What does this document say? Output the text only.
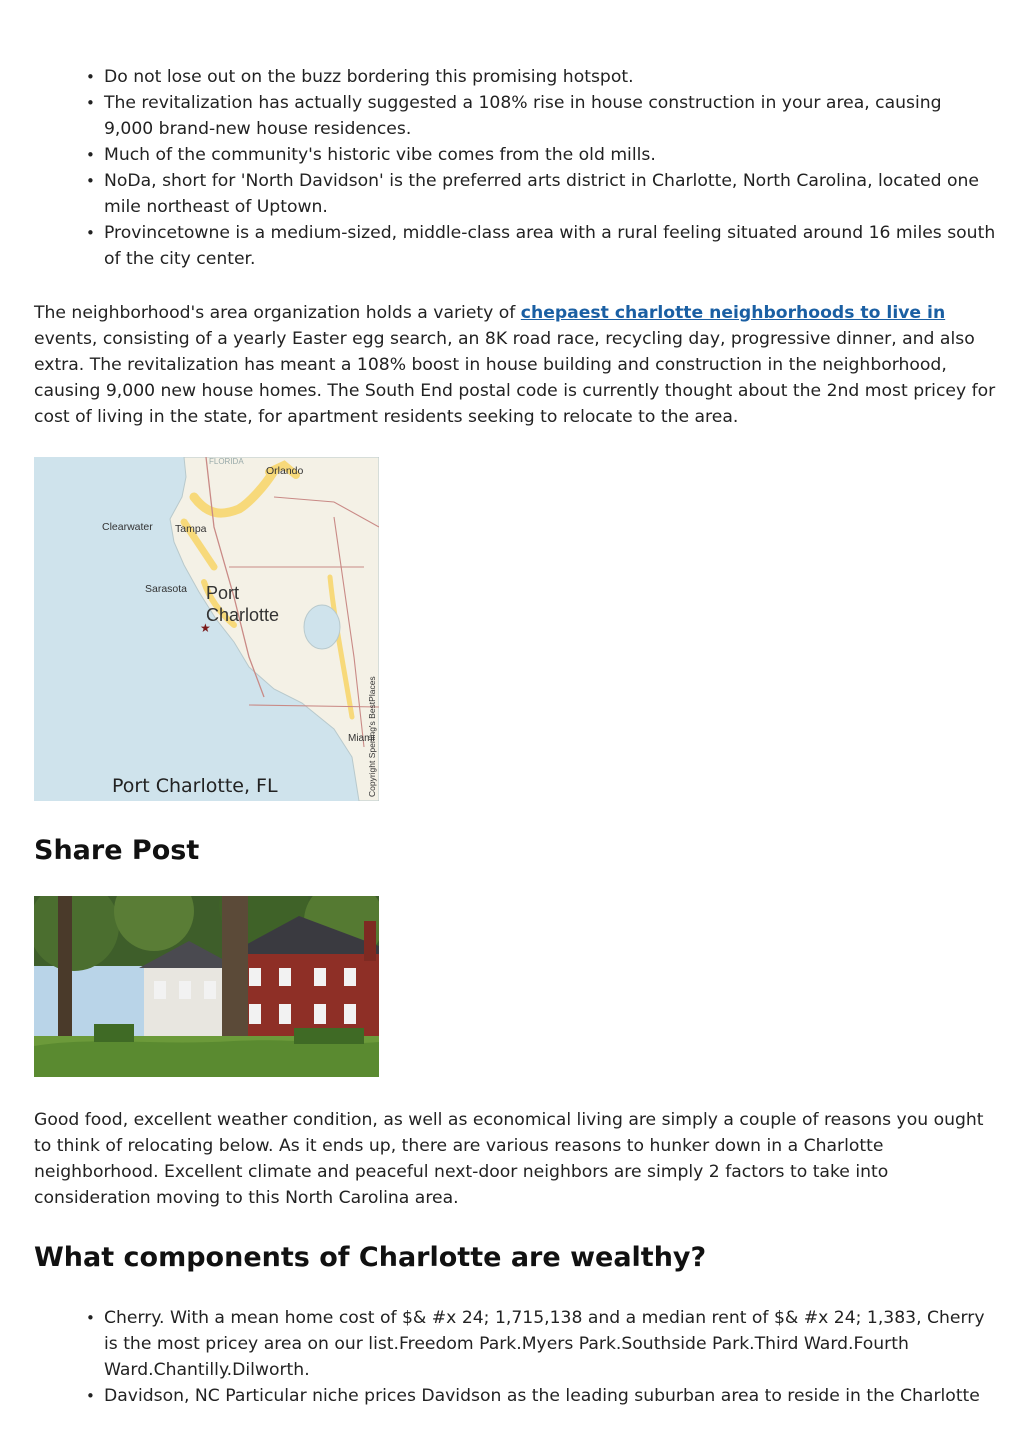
• Do not lose out on the buzz bordering this promising hotspot.
• The revitalization has actually suggested a 108% rise in house construction in your area, causing 9,000 brand-new house residences.
• Much of the community's historic vibe comes from the old mills.
• NoDa, short for 'North Davidson' is the preferred arts district in Charlotte, North Carolina, located one mile northeast of Uptown.
• Provincetowne is a medium-sized, middle-class area with a rural feeling situated around 16 miles south of the city center.

The neighborhood's area organization holds a variety of chepaest charlotte neighborhoods to live in events, consisting of a yearly Easter egg search, an 8K road race, recycling day, progressive dinner, and also extra. The revitalization has meant a 108% boost in house building and construction in the neighborhood, causing 9,000 new house homes. The South End postal code is currently thought about the 2nd most pricey for cost of living in the state, for apartment residents seeking to relocate to the area.

FLORIDA
Orlando
Clearwater Tampa
Sarasota Port
Charlotte
★
Miami
Copyright Sperling's BestPlaces
Port Charlotte, FL
Share Post

Good food, excellent weather condition, as well as economical living are simply a couple of reasons you ought to think of relocating below. As it ends up, there are various reasons to hunker down in a Charlotte neighborhood. Excellent climate and peaceful next-door neighbors are simply 2 factors to take into consideration moving to this North Carolina area.

What components of Charlotte are wealthy?
• Cherry. With a mean home cost of $& #x 24; 1,715,138 and a median rent of $& #x 24; 1,383, Cherry is the most pricey area on our list.Freedom Park.Myers Park.Southside Park.Third Ward.Fourth Ward.Chantilly.Dilworth.
• Davidson, NC Particular niche prices Davidson as the leading suburban area to reside in the Charlotte
